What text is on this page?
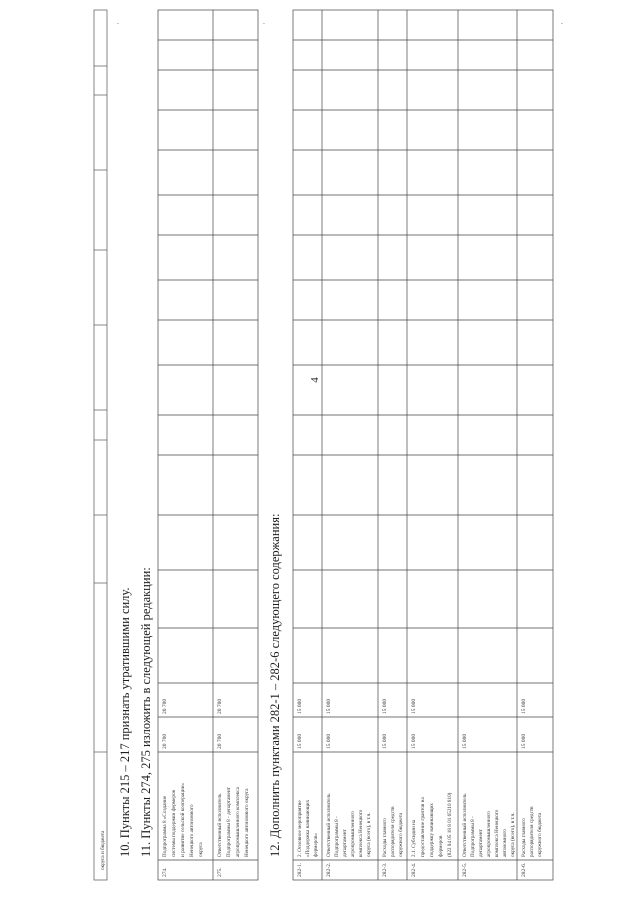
4
округа и бюджета 10. Пункты 215 – 217 признать утратившими силу. 11. Пункты 274, 275 изложить в следующей редакции:
274.
Подпрограмма 8 «Создание системы поддержки фермеров и развитие сельской кооперации» Ненецкого автономного округа
20 700
20 700
275.
Ответственный исполнитель Подпрограммы 8 - департамент агропромышленного комплекса Ненецкого автономного округа
20 700
20 700
,	,
12. Дополнить пунктами 282-1 – 282-6 следующего содержания:
282-1.
2. Основное мероприятие «Поддержка начинающих фермеров»
15 000
15 000
282-2.
Ответственный исполнитель Подпрограммы 8 - департамент агропромышленного комплекса Ненецкого округа (всего), в т.ч.
15 000
15 000
282-3.
Расходы главного распорядителя средств окружного бюджета
15 000
15 000
282-4.
2.1. Субсидии на предоставление грантов на поддержку начинающих фермеров (822 04 05 18 8 01 65210 810)
15 000
15 000
282-5.
Ответственный исполнитель Подпрограммы 8 - департамент агропромышленного комплекса Ненецкого автономного округа (всего), в т.ч.
15 000
282-6.
Расходы главного распорядителя средств окружного бюджета
15 000
15 000
,
